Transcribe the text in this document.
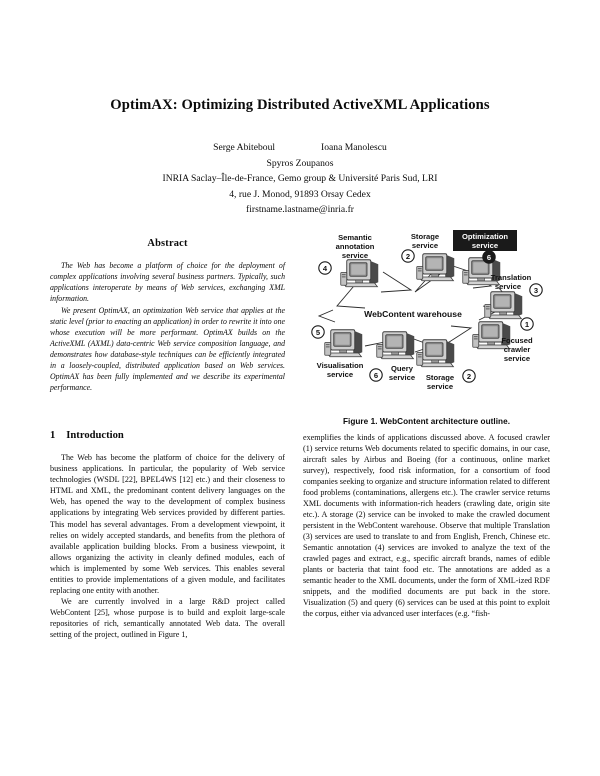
OptimAX: Optimizing Distributed ActiveXML Applications
Serge Abiteboul	Ioana Manolescu
Spyros Zoupanos
INRIA Saclay–Île-de-France, Gemo group & Université Paris Sud, LRI
4, rue J. Monod, 91893 Orsay Cedex
firstname.lastname@inria.fr
Abstract

The Web has become a platform of choice for the deployment of complex applications involving several business partners. Typically, such applications interoperate by means of Web services, exchanging XML information.

We present OptimAX, an optimization Web service that applies at the static level (prior to enacting an application) in order to rewrite it into one whose execution will be more performant. OptimAX builds on the ActiveXML (AXML) data-centric Web service composition language, and demonstrates how database-style techniques can be efficiently integrated in a loosely-coupled, distributed application based on Web services. OptimAX has been fully implemented and we describe its experimental performance.

1 Introduction

The Web has become the platform of choice for the delivery of business applications. In particular, the popularity of Web service technologies (WSDL [22], BPEL4WS [12] etc.) and their closeness to HTML and XML, the predominant content delivery languages on the Web, has opened the way to the development of complex business applications by integrating Web services provided by different parties. This model has several advantages. From a development viewpoint, it relies on widely accepted standards, and benefits from the plethora of available application building blocks. From a business viewpoint, it allows organizing the activity in cleanly defined modules, each of which is implemented by some Web services. This enables several entities to provide implementations of a given module, and facilitates replacing one entity with another.

We are currently involved in a large R&D project called WebContent [25], whose purpose is to build and exploit large-scale repositories of rich, semantically annotated Web data. The overall setting of the project, outlined in Figure 1,

Semantic
annotation
service
4
Storage
service
2
Optimization
service
6
Translation
service 3
1
Focused
crawler
service
Storage
service
2
6
Query
service
5
Visualisation
service
WebContent warehouse
Figure 1. WebContent architecture outline.

exemplifies the kinds of applications discussed above. A focused crawler (1) service returns Web documents related to specific domains, in our case, aircraft sales by Airbus and Boeing (for a continuous, online market survey), respectively, food risk information, for a consortium of food companies seeking to organize and structure information related to different food problems (contaminations, allergens etc.). The crawler service returns XML documents with information-rich headers (crawling date, origin site etc.). A storage (2) service can be invoked to make the crawled document persistent in the WebContent warehouse. Observe that multiple Translation (3) services are used to translate to and from English, French, Chinese etc. Semantic annotation (4) services are invoked to analyze the text of the crawled pages and extract, e.g., specific aircraft brands, names of edible plants or bacteria that taint food etc. The annotations are added as a semantic header to the XML documents, under the form of XML-ized RDF snippets, and the modified documents are put back in the store. Visualization (5) and query (6) services can be used at this point to exploit the corpus, either via advanced user interfaces (e.g. “fish-
